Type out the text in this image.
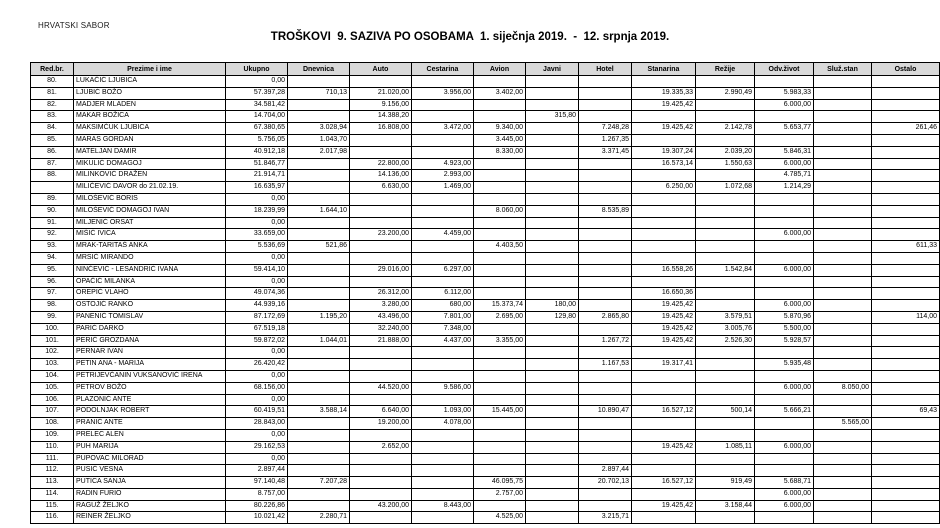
HRVATSKI SABOR
TROŠKOVI  9. SAZIVA PO OSOBAMA  1. siječnja 2019.  -  12. srpnja 2019.
Red.br.	Prezime i ime	Ukupno	Dnevnica	Auto	Cestarina	Avion	Javni	Hotel	Stanarina	Režije	Odv.život	Služ.stan	Ostalo
80.	LUKAČIĆ LJUBICA	0,00											
81.	LJUBIĆ BOŽO	57.397,28	710,13	21.020,00	3.956,00	3.402,00			19.335,33	2.990,49	5.983,33		
82.	MADJER MLADEN	34.581,42		9.156,00					19.425,42		6.000,00		
83.	MAKAR BOŽICA	14.704,00		14.388,20			315,80						
84.	MAKSIMČUK LJUBICA	67.380,65	3.028,94	16.808,00	3.472,00	9.340,00		7.248,28	19.425,42	2.142,78	5.653,77		261,46
85.	MARAS GORDAN	5.756,05	1.043,70			3.445,00		1.267,35					
86.	MATELJAN DAMIR	40.912,18	2.017,98			8.330,00		3.371,45	19.307,24	2.039,20	5.846,31		
87.	MIKULIĆ DOMAGOJ	51.846,77		22.800,00	4.923,00				16.573,14	1.550,63	6.000,00		
88.	MILINKOVIĆ DRAŽEN	21.914,71		14.136,00	2.993,00						4.785,71		
	MILIČEVIĆ DAVOR do 21.02.19.	16.635,97		6.630,00	1.469,00				6.250,00	1.072,68	1.214,29		
89.	MILOŠEVIĆ BORIS	0,00											
90.	MILOŠEVIĆ DOMAGOJ IVAN	18.239,99	1.644,10			8.060,00		8.535,89					
91.	MILJENIĆ ORSAT	0,00											
92.	MIŠIĆ IVICA	33.659,00		23.200,00	4.459,00						6.000,00		
93.	MRAK-TARITAŠ ANKA	5.536,69	521,86			4.403,50							611,33
94.	MRSIĆ MIRANDO	0,00											
95.	NINČEVIĆ - LESANDRIĆ IVANA	59.414,10		29.016,00	6.297,00				16.558,26	1.542,84	6.000,00		
96.	OPAČIĆ MILANKA	0,00											
97.	OREPIĆ VLAHO	49.074,36		26.312,00	6.112,00				16.650,36				
98.	OSTOJIĆ RANKO	44.939,16		3.280,00	680,00	15.373,74	180,00		19.425,42		6.000,00		
99.	PANENIĆ TOMISLAV	87.172,69	1.195,20	43.496,00	7.801,00	2.695,00	129,80	2.865,80	19.425,42	3.579,51	5.870,96		114,00
100.	PARIĆ DARKO	67.519,18		32.240,00	7.348,00				19.425,42	3.005,76	5.500,00		
101.	PERIĆ GROZDANA	59.872,02	1.044,01	21.888,00	4.437,00	3.355,00		1.267,72	19.425,42	2.526,30	5.928,57		
102.	PERNAR IVAN	0,00											
103.	PETIN ANA - MARIJA	26.420,42						1.167,53	19.317,41		5.935,48		
104.	PETRIJEVČANIN VUKSANOVIĆ IRENA	0,00											
105.	PETROV BOŽO	68.156,00		44.520,00	9.586,00						6.000,00	8.050,00	
106.	PLAZONIĆ ANTE	0,00											
107.	PODOLNJAK ROBERT	60.419,51	3.588,14	6.640,00	1.093,00	15.445,00		10.890,47	16.527,12	500,14	5.666,21		69,43
108.	PRANIĆ ANTE	28.843,00		19.200,00	4.078,00							5.565,00	
109.	PRELEC ALEN	0,00											
110.	PUH MARIJA	29.162,53		2.652,00					19.425,42	1.085,11	6.000,00		
111.	PUPOVAC MILORAD	0,00											
112.	PUSIĆ VESNA	2.897,44						2.897,44					
113.	PUTICA SANJA	97.140,48	7.207,28			46.095,75		20.702,13	16.527,12	919,49	5.688,71		
114.	RADIN FURIO	8.757,00				2.757,00					6.000,00		
115.	RAGUŽ ŽELJKO	80.226,86		43.200,00	8.443,00				19.425,42	3.158,44	6.000,00		
116.	REINER ŽELJKO	10.021,42	2.280,71			4.525,00		3.215,71					
